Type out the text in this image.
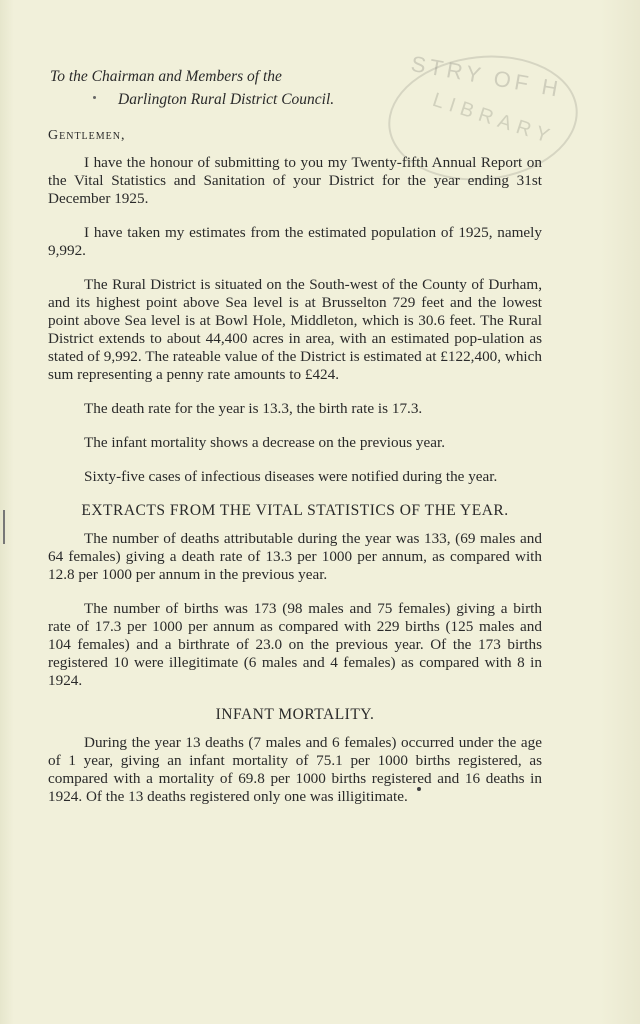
STRY OF H
LIBRARY
To the Chairman and Members of the
Darlington Rural District Council.
Gentlemen,

I have the honour of submitting to you my Twenty-fifth Annual Report on the Vital Statistics and Sanitation of your District for the year ending 31st December 1925.

I have taken my estimates from the estimated population of 1925, namely 9,992.

The Rural District is situated on the South-west of the County of Durham, and its highest point above Sea level is at Brusselton 729 feet and the lowest point above Sea level is at Bowl Hole, Middleton, which is 30.6 feet. The Rural District extends to about 44,400 acres in area, with an estimated pop-ulation as stated of 9,992. The rateable value of the District is estimated at £122,400, which sum representing a penny rate amounts to £424.

The death rate for the year is 13.3, the birth rate is 17.3.

The infant mortality shows a decrease on the previous year.

Sixty-five cases of infectious diseases were notified during the year.

EXTRACTS FROM THE VITAL STATISTICS OF THE YEAR.

The number of deaths attributable during the year was 133, (69 males and 64 females) giving a death rate of 13.3 per 1000 per annum, as compared with 12.8 per 1000 per annum in the previous year.

The number of births was 173 (98 males and 75 females) giving a birth rate of 17.3 per 1000 per annum as compared with 229 births (125 males and 104 females) and a birthrate of 23.0 on the previous year. Of the 173 births registered 10 were illegitimate (6 males and 4 females) as compared with 8 in 1924.

INFANT MORTALITY.

During the year 13 deaths (7 males and 6 females) occurred under the age of 1 year, giving an infant mortality of 75.1 per 1000 births registered, as compared with a mortality of 69.8 per 1000 births registered and 16 deaths in 1924. Of the 13 deaths registered only one was illigitimate.
